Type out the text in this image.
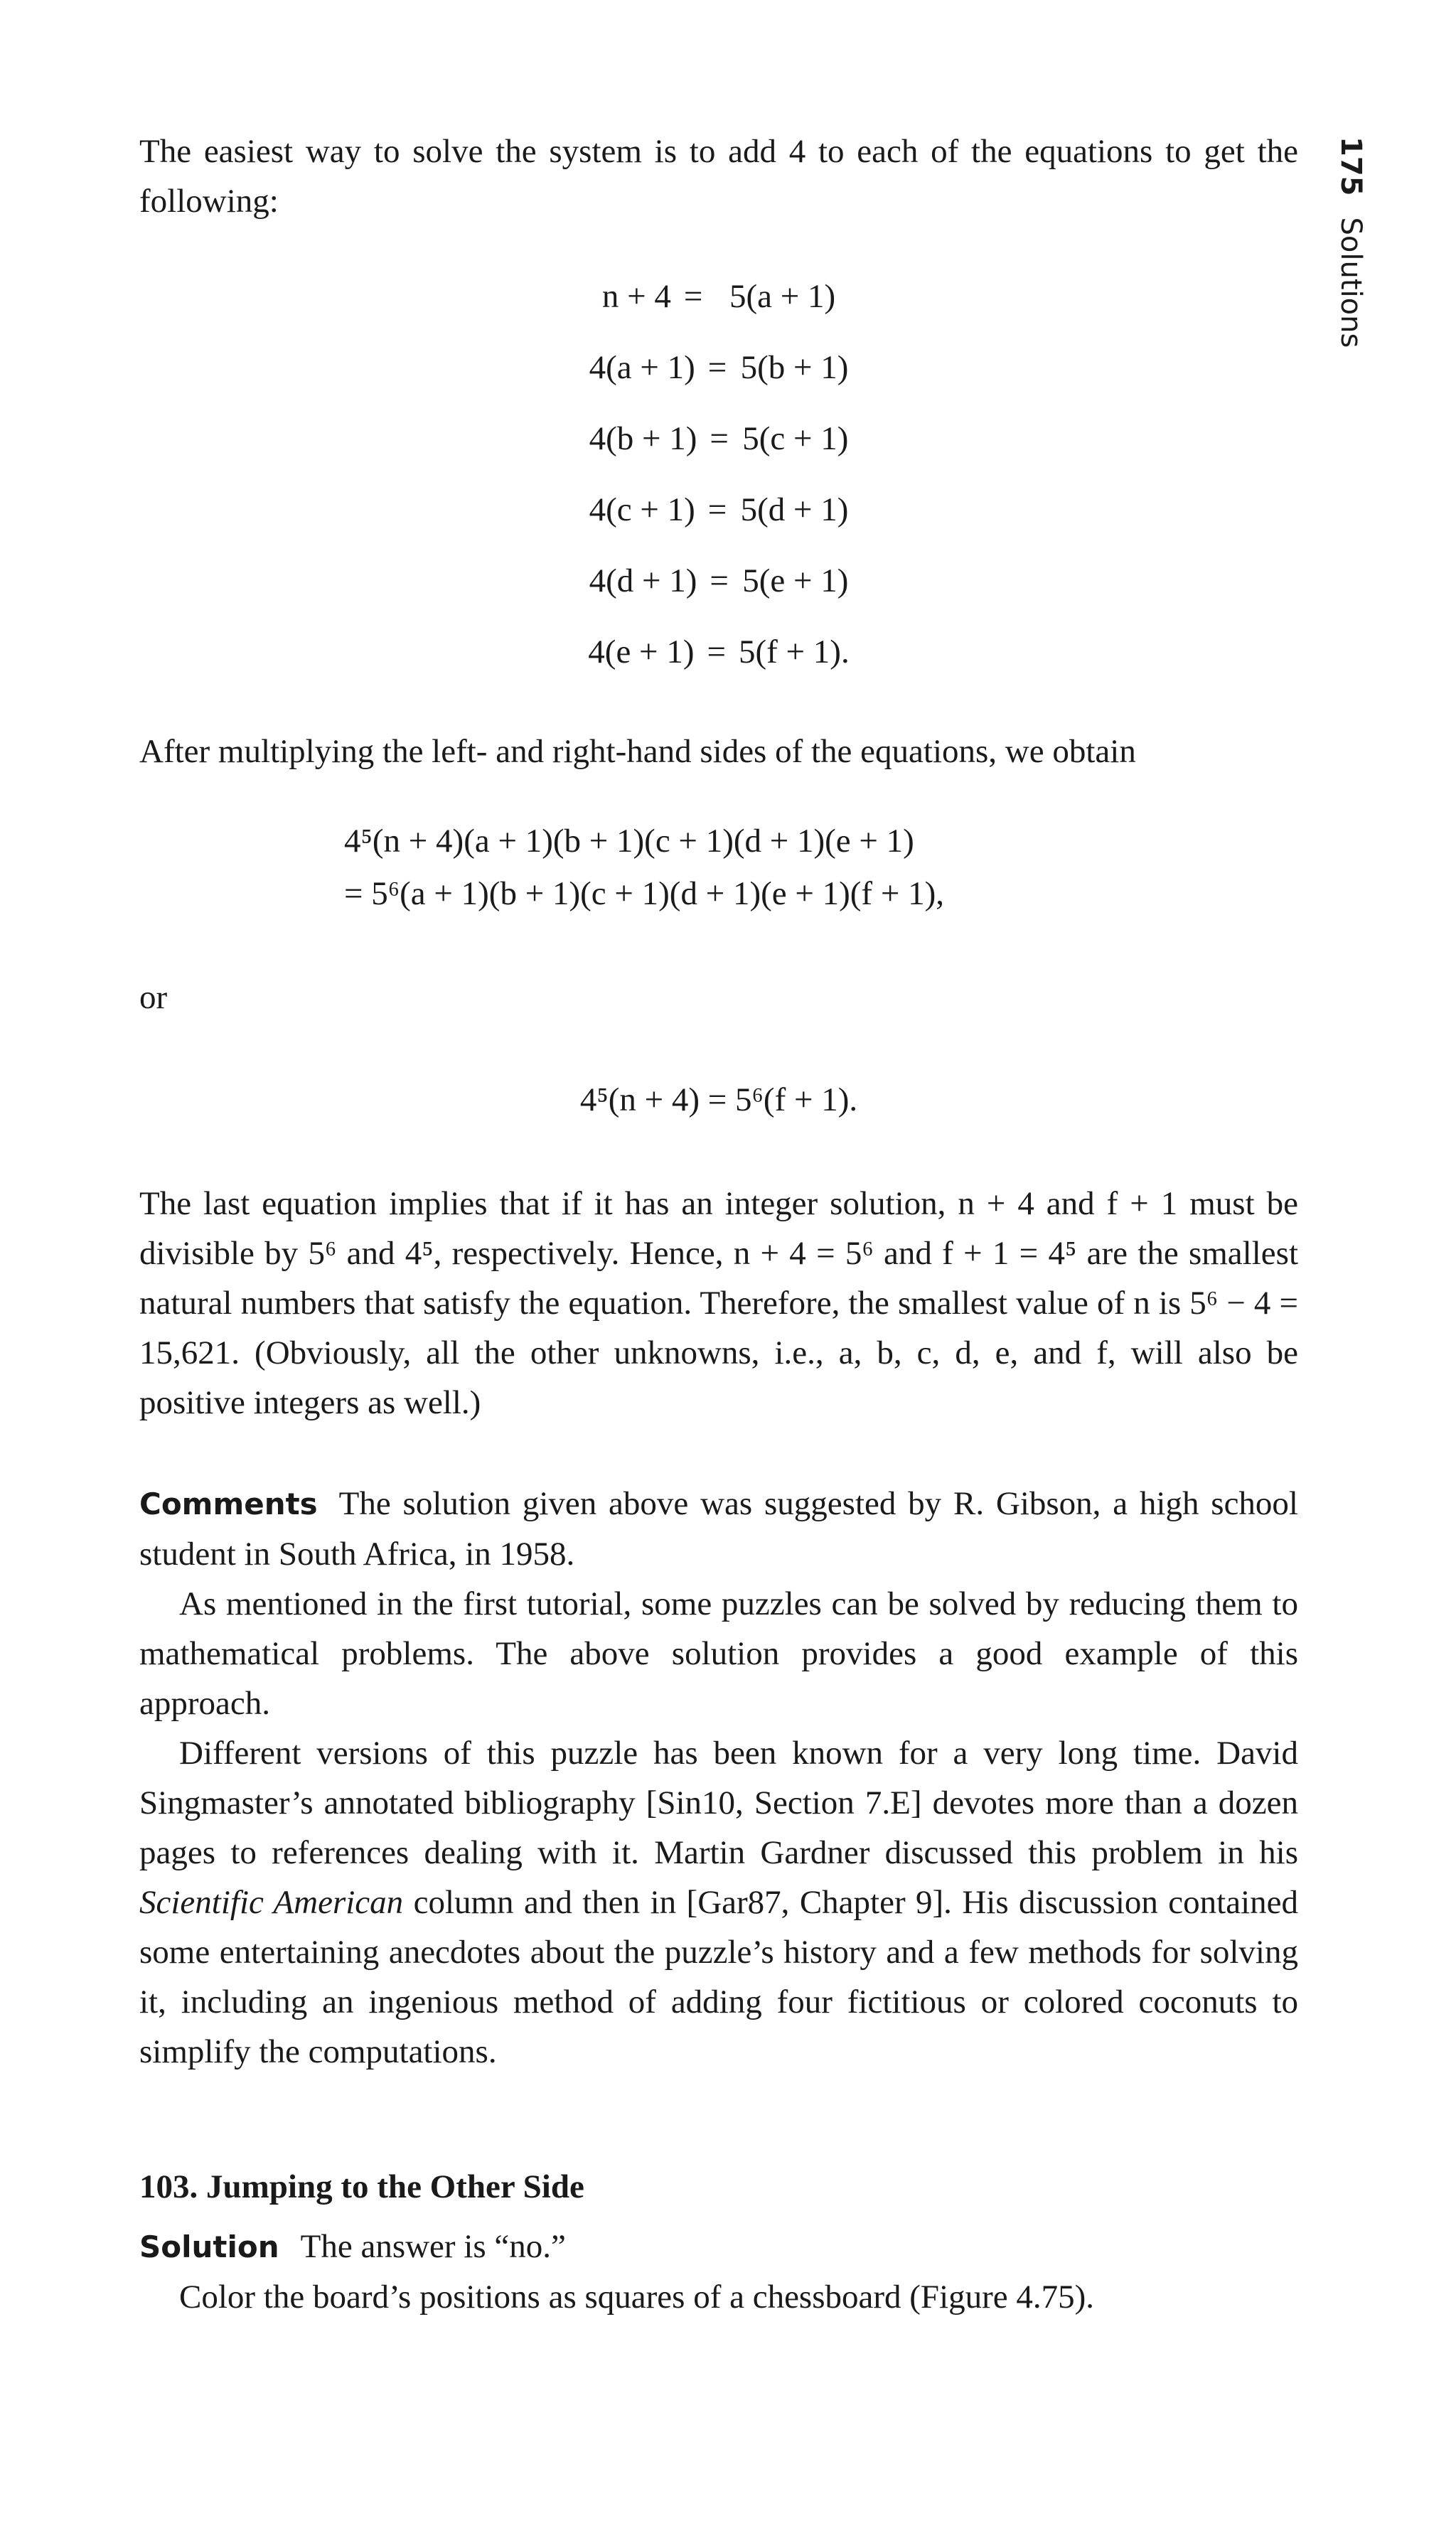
175Solutions

The easiest way to solve the system is to add 4 to each of the equations to get the following:

n + 4 = 5(a + 1)
4(a + 1) = 5(b + 1)
4(b + 1) = 5(c + 1)
4(c + 1) = 5(d + 1)
4(d + 1) = 5(e + 1)
4(e + 1) = 5(f + 1).

After multiplying the left- and right-hand sides of the equations, we obtain

4⁵(n + 4)(a + 1)(b + 1)(c + 1)(d + 1)(e + 1)
= 5⁶(a + 1)(b + 1)(c + 1)(d + 1)(e + 1)(f + 1),

or

4⁵(n + 4) = 5⁶(f + 1).

The last equation implies that if it has an integer solution, n + 4 and f + 1 must be divisible by 5⁶ and 4⁵, respectively. Hence, n + 4 = 5⁶ and f + 1 = 4⁵ are the smallest natural numbers that satisfy the equation. Therefore, the smallest value of n is 5⁶ − 4 = 15,621. (Obviously, all the other unknowns, i.e., a, b, c, d, e, and f, will also be positive integers as well.)

Comments The solution given above was suggested by R. Gibson, a high school student in South Africa, in 1958.

As mentioned in the first tutorial, some puzzles can be solved by reducing them to mathematical problems. The above solution provides a good example of this approach.

Different versions of this puzzle has been known for a very long time. David Singmaster’s annotated bibliography [Sin10, Section 7.E] devotes more than a dozen pages to references dealing with it. Martin Gardner discussed this problem in his Scientific American column and then in [Gar87, Chapter 9]. His discussion contained some entertaining anecdotes about the puzzle’s history and a few methods for solving it, including an ingenious method of adding four fictitious or colored coconuts to simplify the computations.

103. Jumping to the Other Side

Solution The answer is “no.”

Color the board’s positions as squares of a chessboard (Figure 4.75).
